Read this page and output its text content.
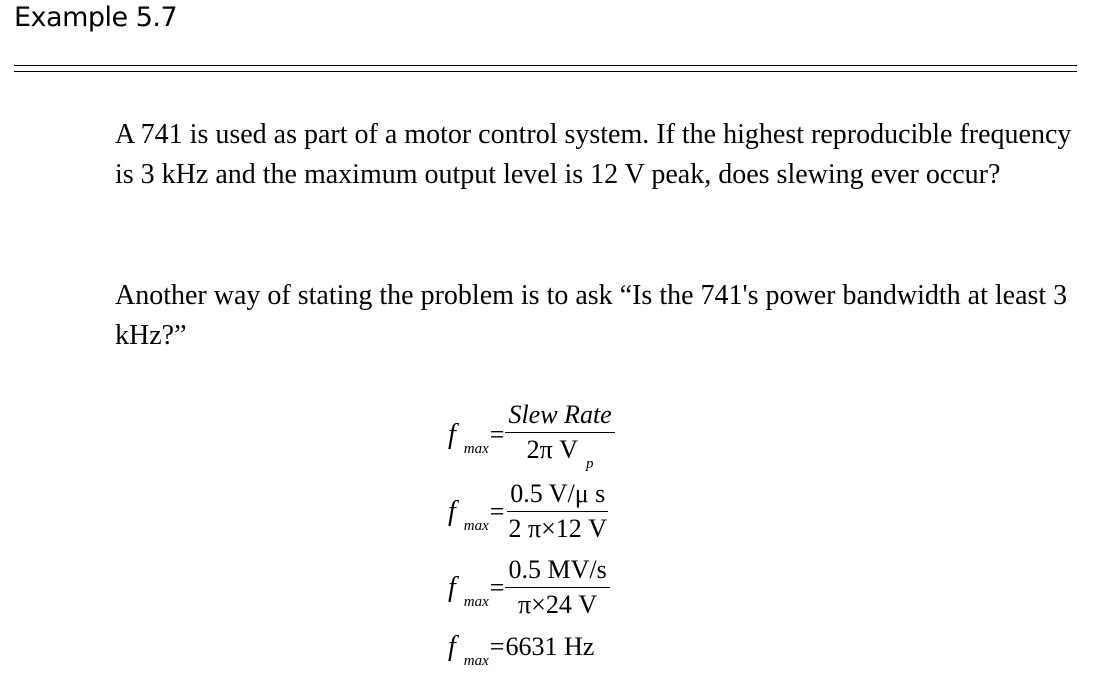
Example 5.7

A 741 is used as part of a motor control system. If the highest reproducible frequency is 3 kHz and the maximum output level is 12 V peak, does slewing ever occur?

Another way of stating the problem is to ask “Is the 741's power bandwidth at least 3 kHz?”

f $\max = \frac{\text{Slew Rate}}{2\pi V _p}$
f $\max = \frac{\text{0.5 V/μ s}}{2 \pi\times 12 V}$
f $\max = \frac{0.5 MV/s}{\pi\times 24 V}$
f max = 6631 Hz
